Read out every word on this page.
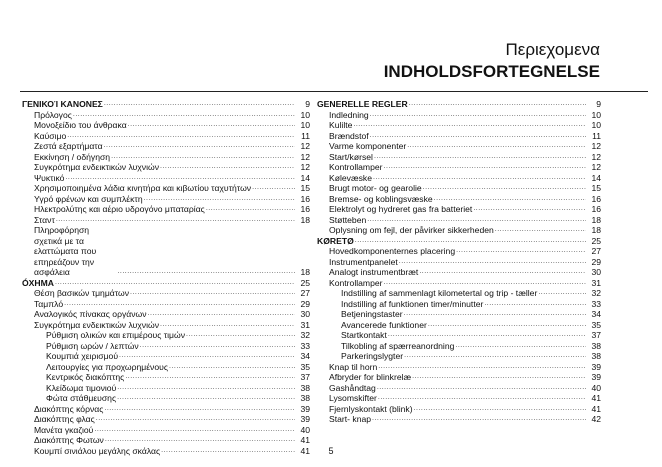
Περιεχομενα
INDHOLDSFORTEGNELSE
ΓΕΝΙΚΟΊ ΚΑΝΟΝΕΣ .....	9
Πρόλογος .....	10
Μονοξείδιο του άνθρακα .....	10
Καύσιμο .....	11
Ζεστά εξαρτήματα .....	12
Εκκίνηση / οδήγηση .....	12
Συγκρότημα ενδεικτικών λυχνιών .....	12
Ψυκτικό .....	14
Χρησιμοποιημένα λάδια κινητήρα και κιβωτίου ταχυτήτων .....	15
Υγρό φρένων και συμπλέκτη .....	16
Ηλεκτρολύτης και αέριο υδρογόνο μπαταρίας .....	16
Σταντ .....	18
Πληροφόρηση σχετικά με τα ελαττώματα που επηρεάζουν την ασφάλεια .....	18
ÓΧΗΜΑ .....	25
Θέση βασικών τμημάτων .....	27
Ταμπλό .....	29
Αναλογικός πίνακας οργάνων .....	30
Συγκρότημα ενδεικτικών λυχνιών .....	31
Ρύθμιση ολικών και επιμέρους τιμών .....	32
Ρύθμιση ωρών / λεπτών .....	33
Κουμπιά χειρισμού .....	34
Λειτουργίες για προχωρημένους .....	35
Κεντρικός διακόπτης .....	37
Κλείδωμα τιμονιού .....	38
Φώτα στάθμευσης .....	38
Διακόπτης κόρνας .....	39
Διακόπτης φλας .....	39
Μανέτα γκαζιού .....	40
Διακόπτης Φωτων .....	41
Κουμπί σινιάλου μεγάλης σκάλας .....	41
GENERELLE REGLER .....	9
Indledning .....	10
Kulilte .....	10
Brændstof .....	11
Varme komponenter .....	12
Start/kørsel .....	12
Kontrollamper .....	12
Kølevæske .....	14
Brugt motor- og gearolie .....	15
Bremse- og koblingsvæske .....	16
Elektrolyt og hydreret gas fra batteriet .....	16
Støtteben .....	18
Oplysning om fejl, der påvirker sikkerheden .....	18
KØRETØ .....	25
Hovedkomponenternes placering .....	27
Instrumentpanelet .....	29
Analogt instrumentbræt .....	30
Kontrollamper .....	31
Indstilling af sammenlagt kilometertal og trip - tæller .....	32
Indstilling af funktionen timer/minutter .....	33
Betjeningstaster .....	34
Avancerede funktioner .....	35
Startkontakt .....	37
Tilkobling af spærreanordning .....	38
Parkeringslygter .....	38
Knap til horn .....	39
Afbryder for blinkrelæ .....	39
Gashåndtag .....	40
Lysomskifter .....	41
Fjernlyskontakt (blink) .....	41
Start- knap .....	42
5
